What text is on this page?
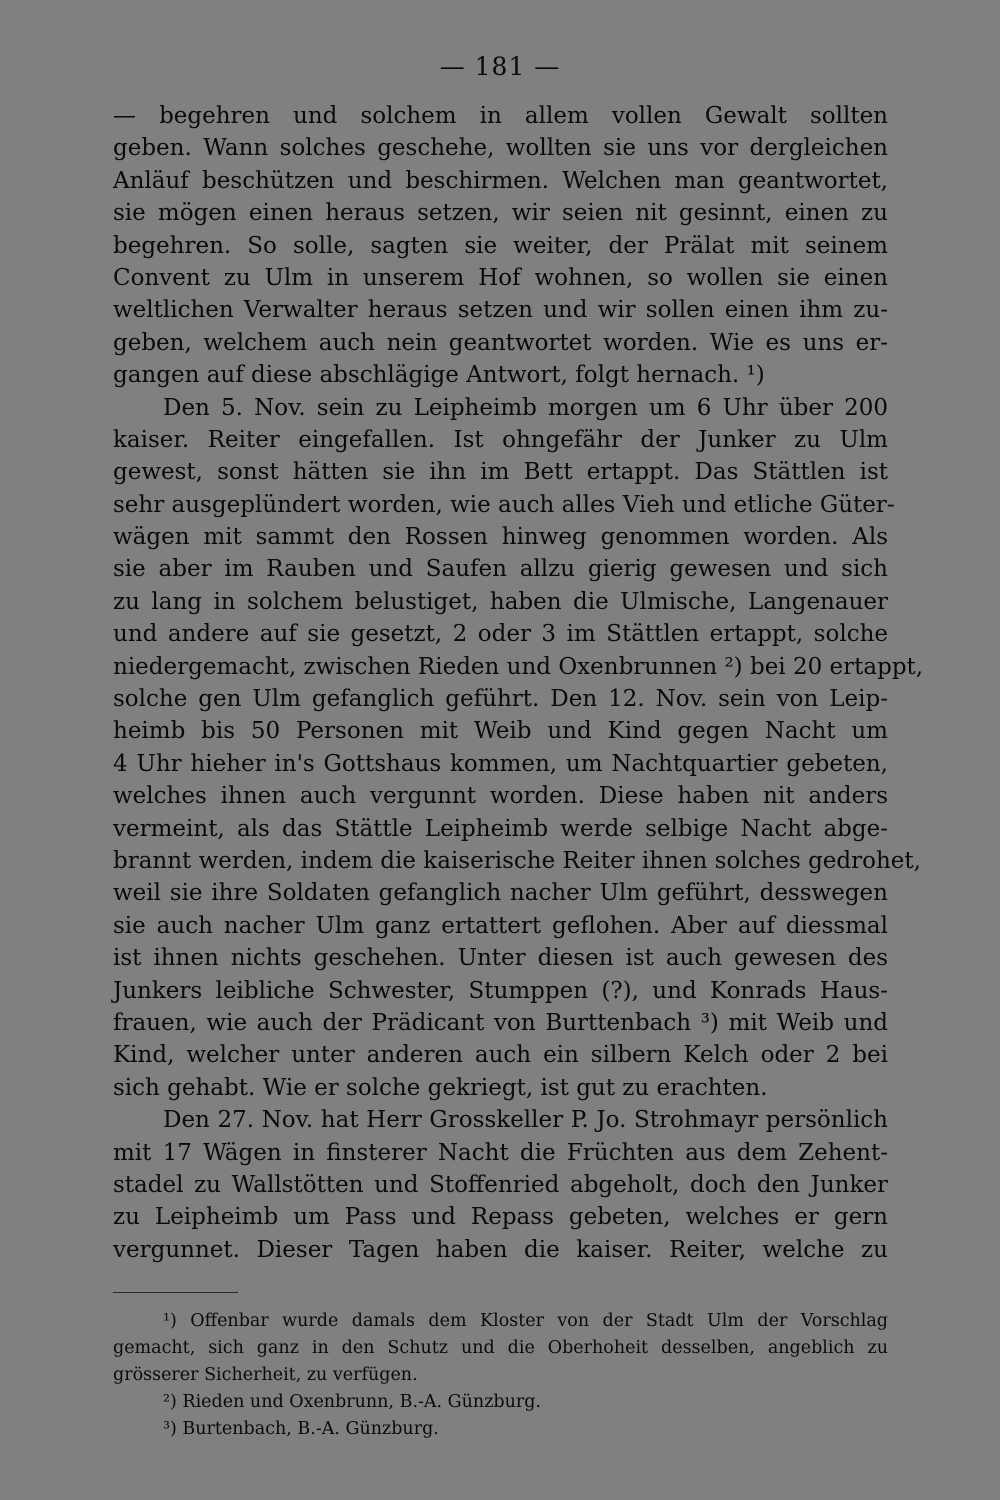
— 181 —
— begehren und solchem in allem vollen Gewalt sollten
geben. Wann solches geschehe, wollten sie uns vor dergleichen
Anläuf beschützen und beschirmen. Welchen man geantwortet,
sie mögen einen heraus setzen, wir seien nit gesinnt, einen zu
begehren. So solle, sagten sie weiter, der Prälat mit seinem
Convent zu Ulm in unserem Hof wohnen, so wollen sie einen
weltlichen Verwalter heraus setzen und wir sollen einen ihm zu-
geben, welchem auch nein geantwortet worden. Wie es uns er-
gangen auf diese abschlägige Antwort, folgt hernach. ¹)
Den 5. Nov. sein zu Leipheimb morgen um 6 Uhr über 200
kaiser. Reiter eingefallen. Ist ohngefähr der Junker zu Ulm
gewest, sonst hätten sie ihn im Bett ertappt. Das Stättlen ist
sehr ausgeplündert worden, wie auch alles Vieh und etliche Güter-
wägen mit sammt den Rossen hinweg genommen worden. Als
sie aber im Rauben und Saufen allzu gierig gewesen und sich
zu lang in solchem belustiget, haben die Ulmische, Langenauer
und andere auf sie gesetzt, 2 oder 3 im Stättlen ertappt, solche
niedergemacht, zwischen Rieden und Oxenbrunnen ²) bei 20 ertappt,
solche gen Ulm gefanglich geführt. Den 12. Nov. sein von Leip-
heimb bis 50 Personen mit Weib und Kind gegen Nacht um
4 Uhr hieher in's Gottshaus kommen, um Nachtquartier gebeten,
welches ihnen auch vergunnt worden. Diese haben nit anders
vermeint, als das Stättle Leipheimb werde selbige Nacht abge-
brannt werden, indem die kaiserische Reiter ihnen solches gedrohet,
weil sie ihre Soldaten gefanglich nacher Ulm geführt, desswegen
sie auch nacher Ulm ganz ertattert geflohen. Aber auf diessmal
ist ihnen nichts geschehen. Unter diesen ist auch gewesen des
Junkers leibliche Schwester, Stumppen (?), und Konrads Haus-
frauen, wie auch der Prädicant von Burttenbach ³) mit Weib und
Kind, welcher unter anderen auch ein silbern Kelch oder 2 bei
sich gehabt. Wie er solche gekriegt, ist gut zu erachten.
Den 27. Nov. hat Herr Grosskeller P. Jo. Strohmayr persönlich
mit 17 Wägen in finsterer Nacht die Früchten aus dem Zehent-
stadel zu Wallstötten und Stoffenried abgeholt, doch den Junker
zu Leipheimb um Pass und Repass gebeten, welches er gern
vergunnet. Dieser Tagen haben die kaiser. Reiter, welche zu
¹) Offenbar wurde damals dem Kloster von der Stadt Ulm der Vorschlag
gemacht, sich ganz in den Schutz und die Oberhoheit desselben, angeblich zu
grösserer Sicherheit, zu verfügen.
²) Rieden und Oxenbrunn, B.-A. Günzburg.
³) Burtenbach, B.-A. Günzburg.
